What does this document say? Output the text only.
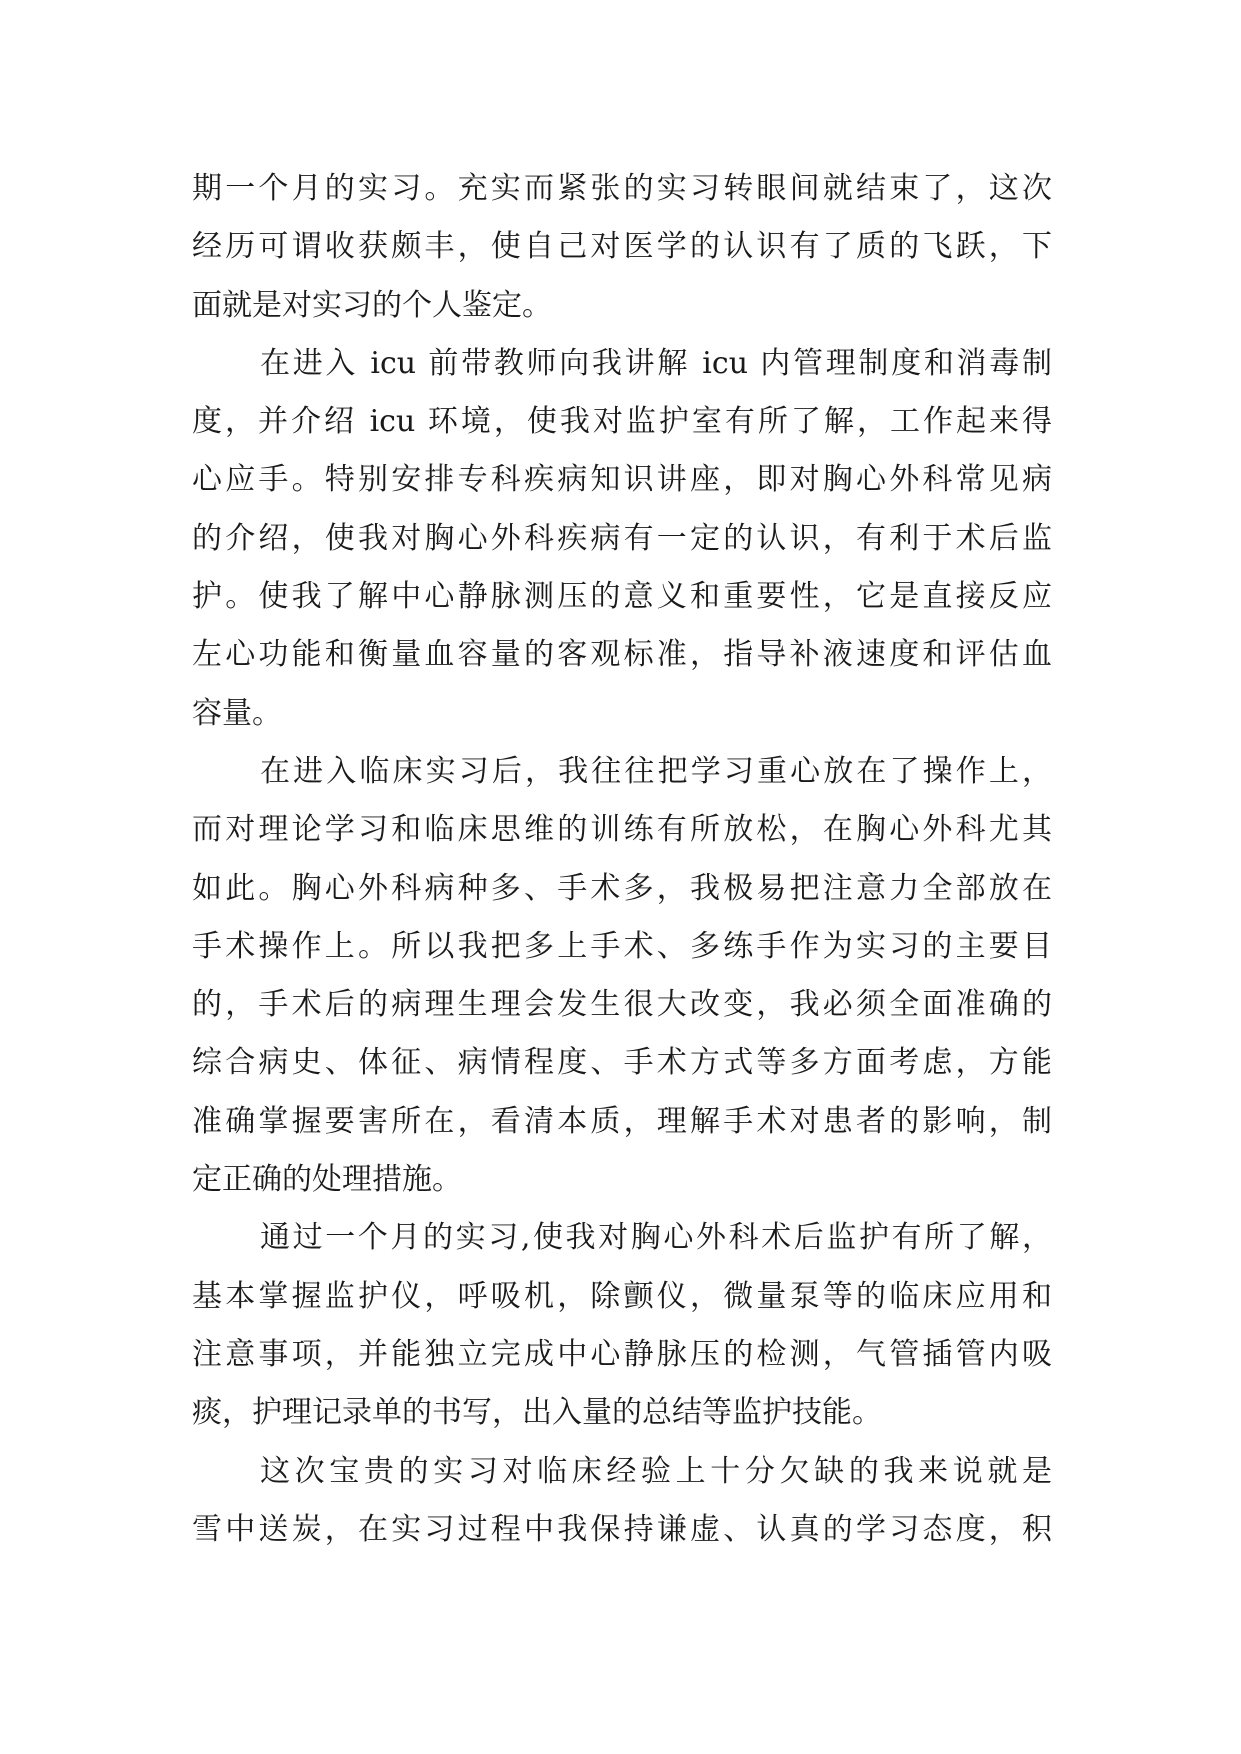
期一个月的实习。充实而紧张的实习转眼间就结束了，这次
经历可谓收获颇丰，使自己对医学的认识有了质的飞跃，下
面就是对实习的个人鉴定。
在进入 icu 前带教师向我讲解 icu 内管理制度和消毒制
度，并介绍 icu 环境，使我对监护室有所了解，工作起来得
心应手。特别安排专科疾病知识讲座，即对胸心外科常见病
的介绍，使我对胸心外科疾病有一定的认识，有利于术后监
护。使我了解中心静脉测压的意义和重要性，它是直接反应
左心功能和衡量血容量的客观标准，指导补液速度和评估血
容量。
在进入临床实习后，我往往把学习重心放在了操作上，
而对理论学习和临床思维的训练有所放松，在胸心外科尤其
如此。胸心外科病种多、手术多，我极易把注意力全部放在
手术操作上。所以我把多上手术、多练手作为实习的主要目
的，手术后的病理生理会发生很大改变，我必须全面准确的
综合病史、体征、病情程度、手术方式等多方面考虑，方能
准确掌握要害所在，看清本质，理解手术对患者的影响，制
定正确的处理措施。
通过一个月的实习,使我对胸心外科术后监护有所了解，
基本掌握监护仪，呼吸机，除颤仪，微量泵等的临床应用和
注意事项，并能独立完成中心静脉压的检测，气管插管内吸
痰，护理记录单的书写，出入量的总结等监护技能。
这次宝贵的实习对临床经验上十分欠缺的我来说就是
雪中送炭，在实习过程中我保持谦虚、认真的学习态度，积
